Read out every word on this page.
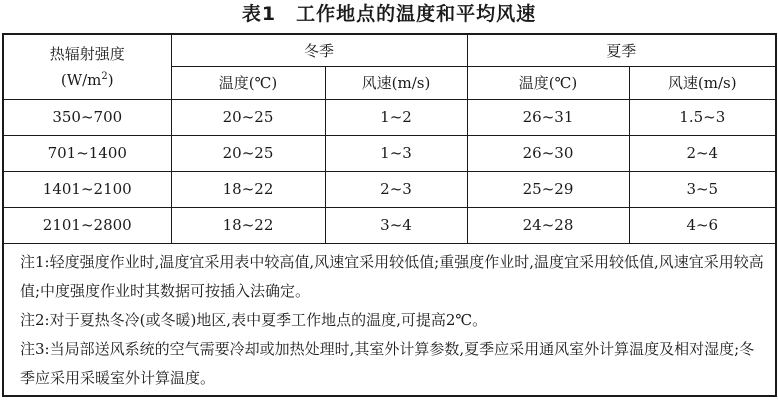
表1　工作地点的温度和平均风速
热辐射强度
$(W/m^2)$	冬季		夏季	
	温度(℃)	风速(m/s)	温度(℃)	风速(m/s)
350~700	20~25	1~2	26~31	1.5~3
701~1400	20~25	1~3	26~30	2~4
1401~2100	18~22	2~3	25~29	3~5
2101~2800	18~22	3~4	24~28	4~6

注1:轻度强度作业时,温度宜采用表中较高值,风速宜采用较低值;重强度作业时,温度宜采用较低值,风速宜采用较高值;中度强度作业时其数据可按插入法确定。
注2:对于夏热冬冷(或冬暖)地区,表中夏季工作地点的温度,可提高2℃。
注3:当局部送风系统的空气需要冷却或加热处理时,其室外计算参数,夏季应采用通风室外计算温度及相对湿度;冬季应采用采暖室外计算温度。				
